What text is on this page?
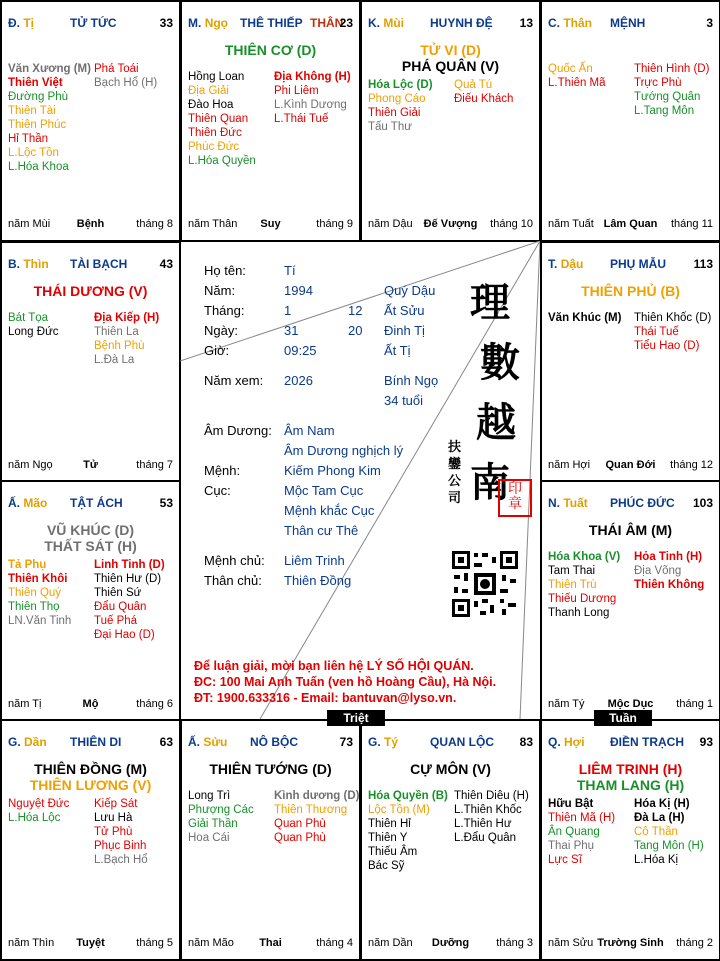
Đ. Tị	TỬ TỨC	33
Văn Xương (M)
Thiên Việt
Đường Phù
Thiên Tài
Thiên Phúc
Hỉ Thần
L.Lộc Tồn
L.Hóa Khoa
Phá Toái
Bạch Hổ (H)
năm Mùi	Bệnh	tháng 8
M. Ngọ THÊ THIẾP THÂN
23
THIÊN CƠ (D)
Hồng Loan
Địa Giải
Đào Hoa
Thiên Quan
Thiên Đức
Phúc Đức
L.Hóa Quyền
Địa Không (H)
Phi Liêm
L.Kình Dương
L.Thái Tuế
năm Thân	Suy	tháng 9
K. Mùi HUYNH ĐỆ 13
TỬ VI (D)
PHÁ QUÂN (V)
Hóa Lộc (D)
Phong Cáo
Thiên Giải
Tấu Thư
Quả Tú
Điếu Khách
năm Dậu	Đế Vượng	tháng 10
C. Thân MỆNH	3
Quốc Ấn
L.Thiên Mã
Thiên Hình (D)
Trực Phù
Tướng Quân
L.Tang Môn
năm Tuất Lâm Quan	tháng 11
B. Thìn TÀI BẠCH	43
THÁI DƯƠNG (V)
Bát Tọa
Long Đức
Địa Kiếp (H)
Thiên La
Bệnh Phù
L.Đà La
năm Ngọ	Tử	tháng 7
T. Dậu PHỤ MẪU 113
THIÊN PHỦ (B)
Văn Khúc (M) Thiên Khốc (D)
Thái Tuế
Tiểu Hao (D)
năm Hợi	Quan Đới	tháng 12
Ấ. Mão TẬT ÁCH	53
VŨ KHÚC (D)
THẤT SÁT (H)
Tả Phụ
Thiên Khôi
Thiên Quý
Thiên Thọ
LN.Văn Tinh
Linh Tinh (D)
Thiên Hư (D)
Thiên Sứ
Đẩu Quân
Tuế Phá
Đại Hao (D)
năm Tị	Mộ	tháng 6
N. Tuất PHÚC ĐỨC 103
THÁI ÂM (M)
Hóa Khoa (V)
Tam Thai
Thiên Trù
Thiếu Dương
Thanh Long
Hỏa Tinh (H)
Địa Võng
Thiên Không
năm Tý	Mộc Dục	tháng 1
G. Dần THIÊN DI	63
THIÊN ĐỒNG (M)
THIÊN LƯƠNG (V)
Nguyệt Đức
L.Hóa Lộc
Kiếp Sát
Lưu Hà
Tử Phù
Phục Binh
L.Bạch Hổ
năm Thìn	Tuyệt	tháng 5
Ấ. Sửu NÔ BỘC	73
THIÊN TƯỚNG (D)
Long Trì
Phượng Các
Giải Thần
Hoa Cái
Kình dương (D)
Thiên Thương
Quan Phù
Quan Phù
năm Mão	Thai	tháng 4
G. Tý	QUAN LỘC 83
CỰ MÔN (V)
Hóa Quyền (B)
Lộc Tồn (M)
Thiên Hỉ
Thiên Y
Thiếu Âm
Bác Sỹ
Thiên Diêu (H)
L.Thiên Khốc
L.Thiên Hư
L.Đẩu Quân
năm Dần	Dưỡng	tháng 3
Q. Hợi ĐIỀN TRẠCH 93
LIÊM TRINH (H)
THAM LANG (H)
Hữu Bật
Thiên Mã (H)
Ân Quang
Thai Phụ
Lực Sĩ
Hóa Kị (H)
Đà La (H)
Cô Thần
Tang Môn (H)
L.Hóa Kị
năm Sửu Trường Sinh	tháng 2
Họ tên:	Tí
Năm:	1994	Quý Dậu
Tháng:	1	12 Ất Sửu
Ngày:	31	20 Đinh Tị
Giờ:	09:25	Ất Tị
Năm xem: 2026	Bính Ngọ
34 tuổi
Âm Dương: Âm Nam
Âm Dương nghịch lý
Mệnh:	Kiếm Phong Kim
Cục:	Mộc Tam Cục
Mệnh khắc Cục
Thân cư Thê
Mệnh chủ: Liêm Trinh
Thân chủ: Thiên Đồng
理
數
越
南
印
章
扶
鑾
公
司
Để luận giải, mời bạn liên hệ LÝ SỐ HỘI QUÁN.
ĐC: 100 Mai Anh Tuấn (ven hồ Hoàng Cầu), Hà Nội.
ĐT: 1900.633316 - Email: bantuvan@lyso.vn.
Triệt	Tuần
